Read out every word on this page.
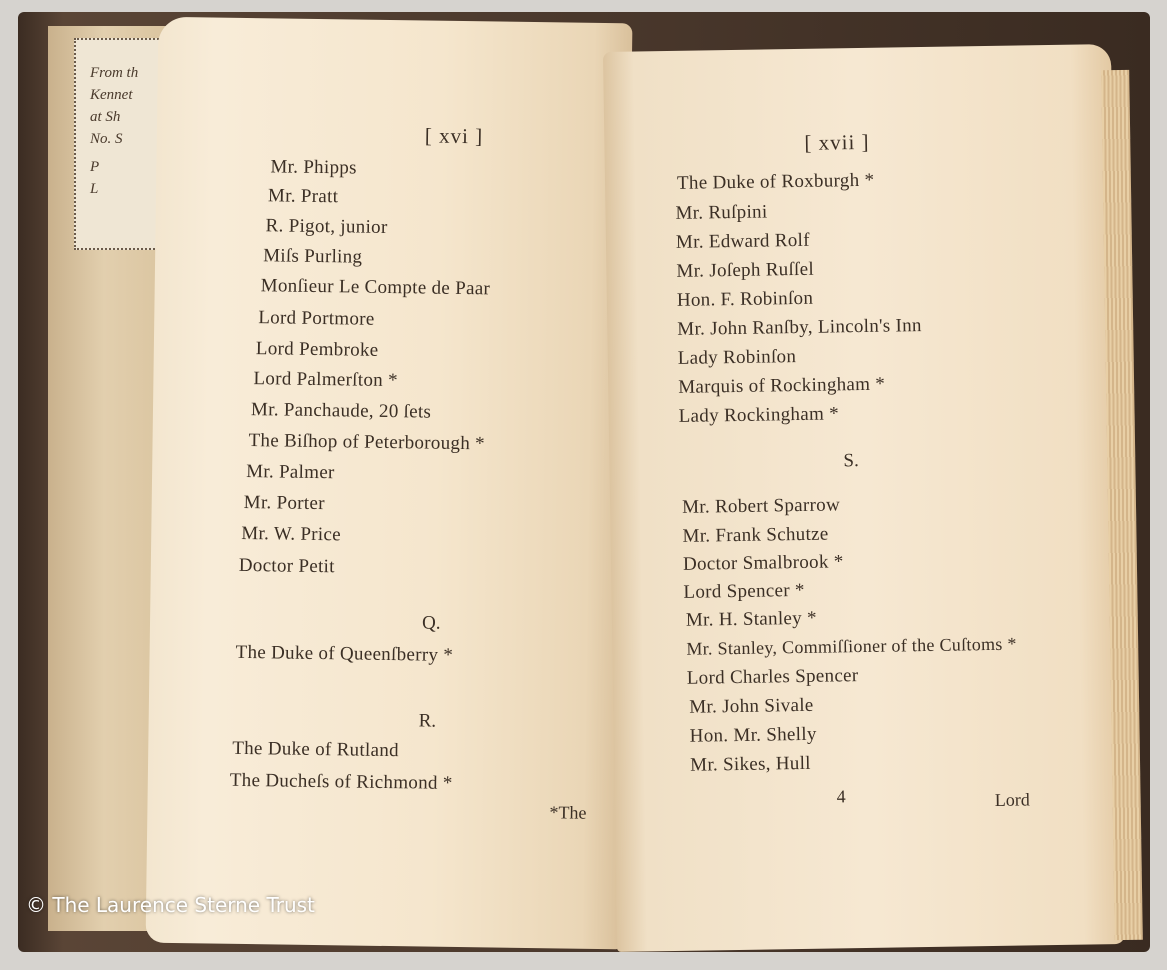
From th
Kennet
at Sh
No. S
P
L
[ xvi ]
Mr. Phipps
Mr. Pratt
R. Pigot, junior
Miſs Purling
Monſieur Le Compte de Paar
Lord Portmore
Lord Pembroke
Lord Palmerſton *
Mr. Panchaude, 20 ſets
The Biſhop of Peterborough *
Mr. Palmer
Mr. Porter
Mr. W. Price
Doctor Petit
Q.
The Duke of Queenſberry *
R.
The Duke of Rutland
The Ducheſs of Richmond *
*The
[ xvii ]
The Duke of Roxburgh *
Mr. Ruſpini
Mr. Edward Rolf
Mr. Joſeph Ruſſel
Hon. F. Robinſon
Mr. John Ranſby, Lincoln's Inn
Lady Robinſon
Marquis of Rockingham *
Lady Rockingham *
S.
Mr. Robert Sparrow
Mr. Frank Schutze
Doctor Smalbrook *
Lord Spencer *
Mr. H. Stanley *
Mr. Stanley, Commiſſioner of the Cuſtoms *
Lord Charles Spencer
Mr. John Sivale
Hon. Mr. Shelly
Mr. Sikes, Hull
4	Lord
© The Laurence Sterne Trust
